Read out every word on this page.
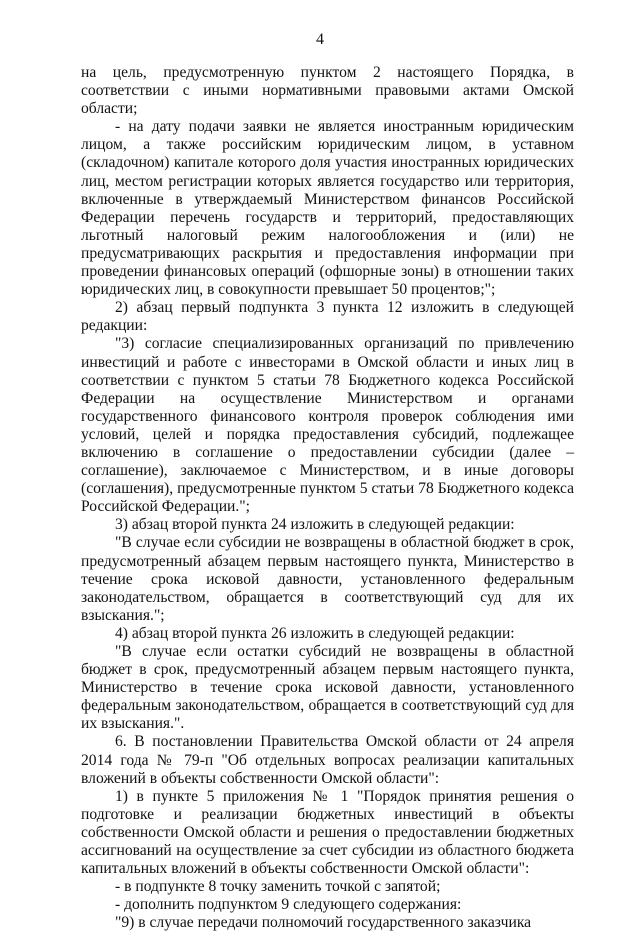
4

на цель, предусмотренную пунктом 2 настоящего Порядка, в соответствии с иными нормативными правовыми актами Омской области;

- на дату подачи заявки не является иностранным юридическим лицом, а также российским юридическим лицом, в уставном (складочном) капитале которого доля участия иностранных юридических лиц, местом регистрации которых является государство или территория, включенные в утверждаемый Министерством финансов Российской Федерации перечень государств и территорий, предоставляющих льготный налоговый режим налогообложения и (или) не предусматривающих раскрытия и предоставления информации при проведении финансовых операций (офшорные зоны) в отношении таких юридических лиц, в совокупности превышает 50 процентов;";

2) абзац первый подпункта 3 пункта 12 изложить в следующей редакции:

"3) согласие специализированных организаций по привлечению инвестиций и работе с инвесторами в Омской области и иных лиц в соответствии с пунктом 5 статьи 78 Бюджетного кодекса Российской Федерации на осуществление Министерством и органами государственного финансового контроля проверок соблюдения ими условий, целей и порядка предоставления субсидий, подлежащее включению в соглашение о предоставлении субсидии (далее – соглашение), заключаемое с Министерством, и в иные договоры (соглашения), предусмотренные пунктом 5 статьи 78 Бюджетного кодекса Российской Федерации.";

3) абзац второй пункта 24 изложить в следующей редакции:

"В случае если субсидии не возвращены в областной бюджет в срок, предусмотренный абзацем первым настоящего пункта, Министерство в течение срока исковой давности, установленного федеральным законодательством, обращается в соответствующий суд для их взыскания.";

4) абзац второй пункта 26 изложить в следующей редакции:

"В случае если остатки субсидий не возвращены в областной бюджет в срок, предусмотренный абзацем первым настоящего пункта, Министерство в течение срока исковой давности, установленного федеральным законодательством, обращается в соответствующий суд для их взыскания.".

6. В постановлении Правительства Омской области от 24 апреля 2014 года № 79-п "Об отдельных вопросах реализации капитальных вложений в объекты собственности Омской области":

1) в пункте 5 приложения № 1 "Порядок принятия решения о подготовке и реализации бюджетных инвестиций в объекты собственности Омской области и решения о предоставлении бюджетных ассигнований на осуществление за счет субсидии из областного бюджета капитальных вложений в объекты собственности Омской области":

- в подпункте 8 точку заменить точкой с запятой;

- дополнить подпунктом 9 следующего содержания:

"9) в случае передачи полномочий государственного заказчика
